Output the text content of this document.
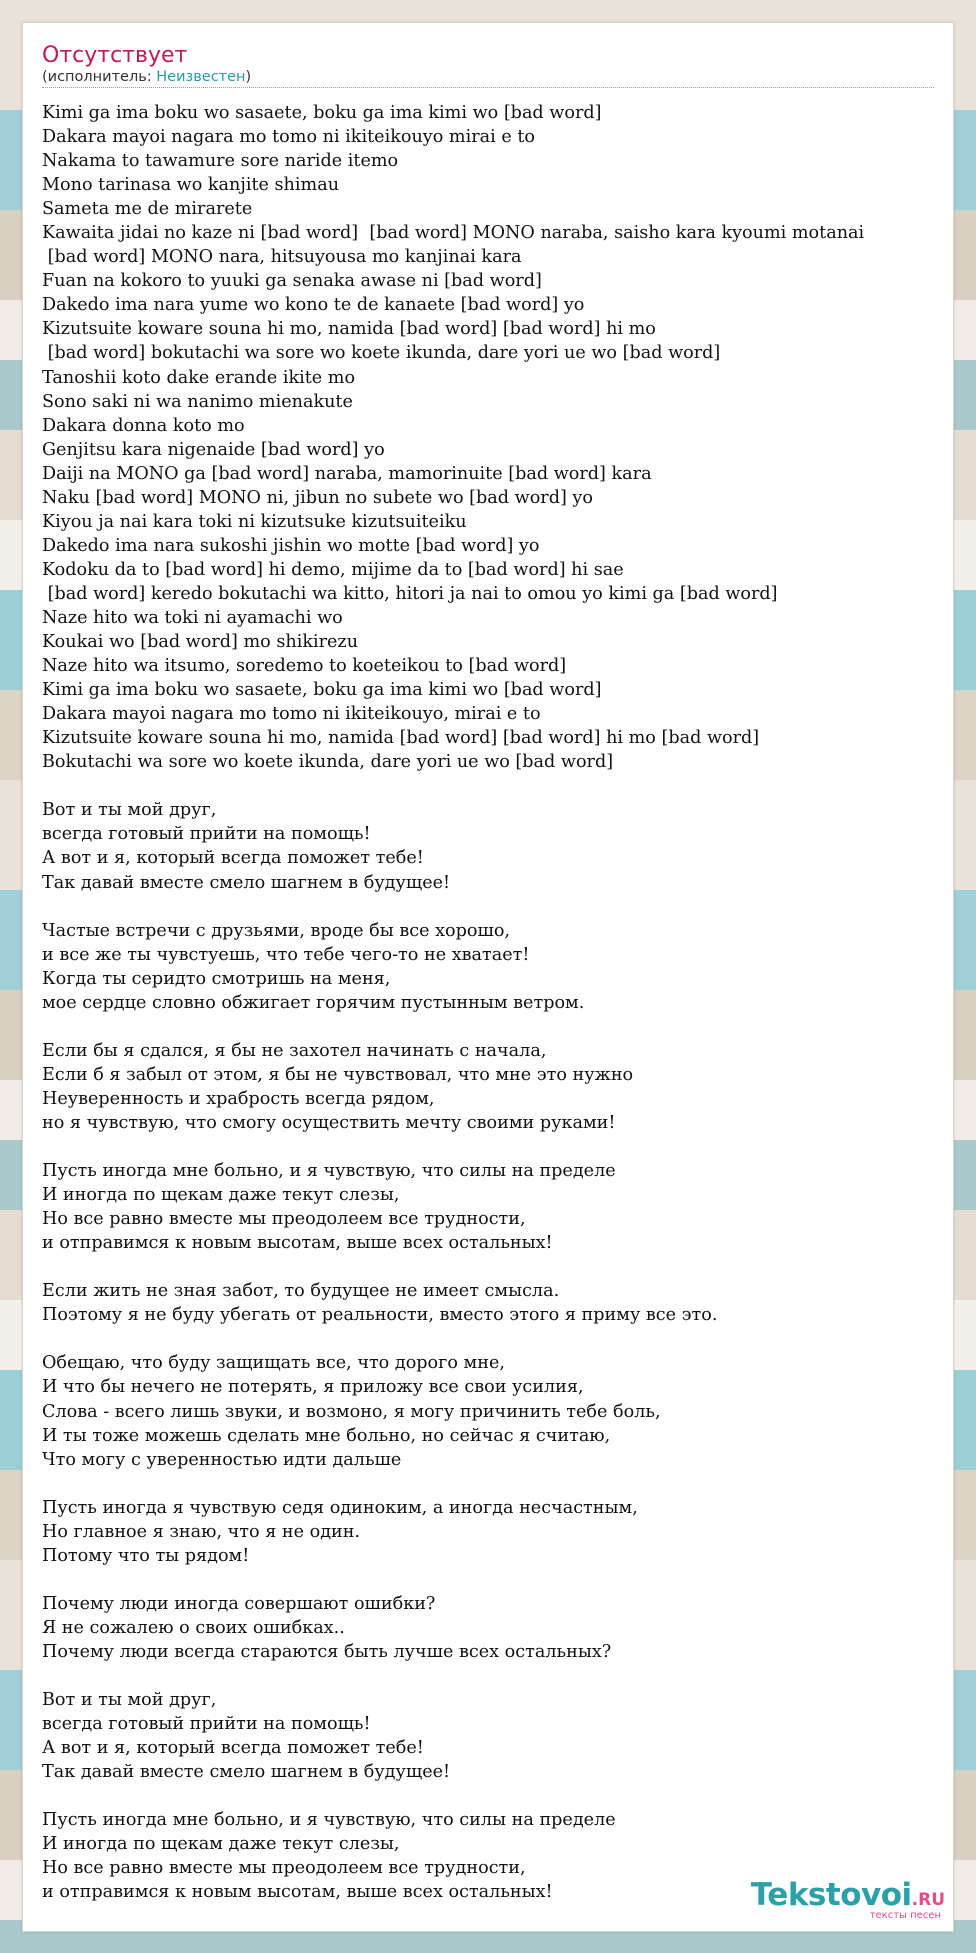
Отсутствует
(исполнитель: Неизвестен)
Kimi ga ima boku wo sasaete, boku ga ima kimi wo [bad word]
Dakara mayoi nagara mo tomo ni ikiteikouyo mirai e to
Nakama to tawamure sore naride itemo
Mono tarinasa wo kanjite shimau
Sameta me de mirarete
Kawaita jidai no kaze ni [bad word]  [bad word] MONO naraba, saisho kara kyoumi motanai
[bad word] MONO nara, hitsuyousa mo kanjinai kara
Fuan na kokoro to yuuki ga senaka awase ni [bad word]
Dakedo ima nara yume wo kono te de kanaete [bad word] yo
Kizutsuite koware souna hi mo, namida [bad word] [bad word] hi mo
[bad word] bokutachi wa sore wo koete ikunda, dare yori ue wo [bad word]
Tanoshii koto dake erande ikite mo
Sono saki ni wa nanimo mienakute
Dakara donna koto mo
Genjitsu kara nigenaide [bad word] yo
Daiji na MONO ga [bad word] naraba, mamorinuite [bad word] kara
Naku [bad word] MONO ni, jibun no subete wo [bad word] yo
Kiyou ja nai kara toki ni kizutsuke kizutsuiteiku
Dakedo ima nara sukoshi jishin wo motte [bad word] yo
Kodoku da to [bad word] hi demo, mijime da to [bad word] hi sae
[bad word] keredo bokutachi wa kitto, hitori ja nai to omou yo kimi ga [bad word]
Naze hito wa toki ni ayamachi wo
Koukai wo [bad word] mo shikirezu
Naze hito wa itsumo, soredemo to koeteikou to [bad word]
Kimi ga ima boku wo sasaete, boku ga ima kimi wo [bad word]
Dakara mayoi nagara mo tomo ni ikiteikouyo, mirai e to
Kizutsuite koware souna hi mo, namida [bad word] [bad word] hi mo [bad word]
Bokutachi wa sore wo koete ikunda, dare yori ue wo [bad word]

Вот и ты мой друг,
всегда готовый прийти на помощь!
А вот и я, который всегда поможет тебе!
Так давай вместе смело шагнем в будущее!

Частые встречи с друзьями, вроде бы все хорошо,
и все же ты чувстуешь, что тебе чего-то не хватает!
Когда ты серидто смотришь на меня,
мое сердце словно обжигает горячим пустынным ветром.

Если бы я сдался, я бы не захотел начинать с начала,
Если б я забыл от этом, я бы не чувствовал, что мне это нужно
Неуверенность и храбрость всегда рядом,
но я чувствую, что смогу осуществить мечту своими руками!

Пусть иногда мне больно, и я чувствую, что силы на пределе
И иногда по щекам даже текут слезы,
Но все равно вместе мы преодолеем все трудности,
и отправимся к новым высотам, выше всех остальных!

Если жить не зная забот, то будущее не имеет смысла.
Поэтому я не буду убегать от реальности, вместо этого я приму все это.

Обещаю, что буду защищать все, что дорого мне,
И что бы нечего не потерять, я приложу все свои усилия,
Слова - всего лишь звуки, и возмоно, я могу причинить тебе боль,
И ты тоже можешь сделать мне больно, но сейчас я считаю,
Что могу с уверенностью идти дальше

Пусть иногда я чувствую седя одиноким, а иногда несчастным,
Но главное я знаю, что я не один.
Потому что ты рядом!

Почему люди иногда совершают ошибки?
Я не сожалею о своих ошибках..
Почему люди всегда стараются быть лучше всех остальных?

Вот и ты мой друг,
всегда готовый прийти на помощь!
А вот и я, который всегда поможет тебе!
Так давай вместе смело шагнем в будущее!

Пусть иногда мне больно, и я чувствую, что силы на пределе
И иногда по щекам даже текут слезы,
Но все равно вместе мы преодолеем все трудности,
и отправимся к новым высотам, выше всех остальных!	Tekstovoi.RU
тексты песен
